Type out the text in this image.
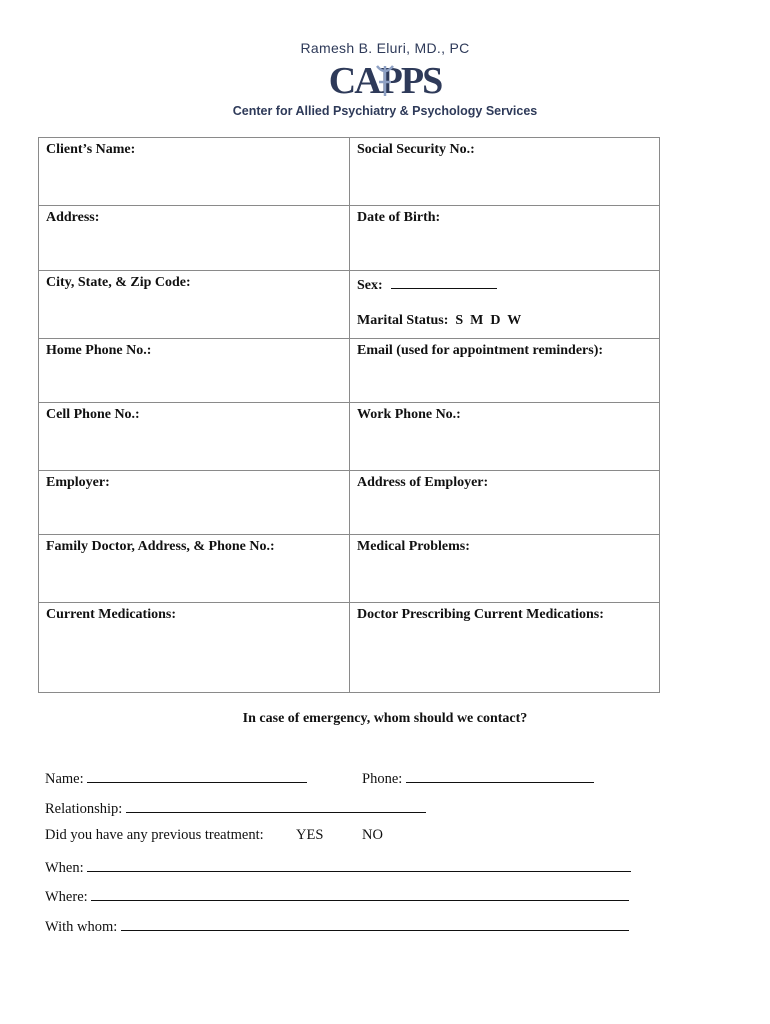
Ramesh B. Eluri, MD., PC
CAPPS
Center for Allied Psychiatry & Psychology Services
Client’s Name:	Social Security No.:

Address:	Date of Birth:

City, State, & Zip Code:	Sex:
Marital Status:  S  M  D  W

Home Phone No.:	Email (used for appointment reminders):

Cell Phone No.:	Work Phone No.:

Employer:	Address of Employer:

Family Doctor, Address, & Phone No.:	Medical Problems:

Current Medications:	Doctor Prescribing Current Medications:
In case of emergency, whom should we contact?
Name:	Phone:
Relationship:
Did you have any previous treatment: YES	NO
When:
Where:
With whom:
